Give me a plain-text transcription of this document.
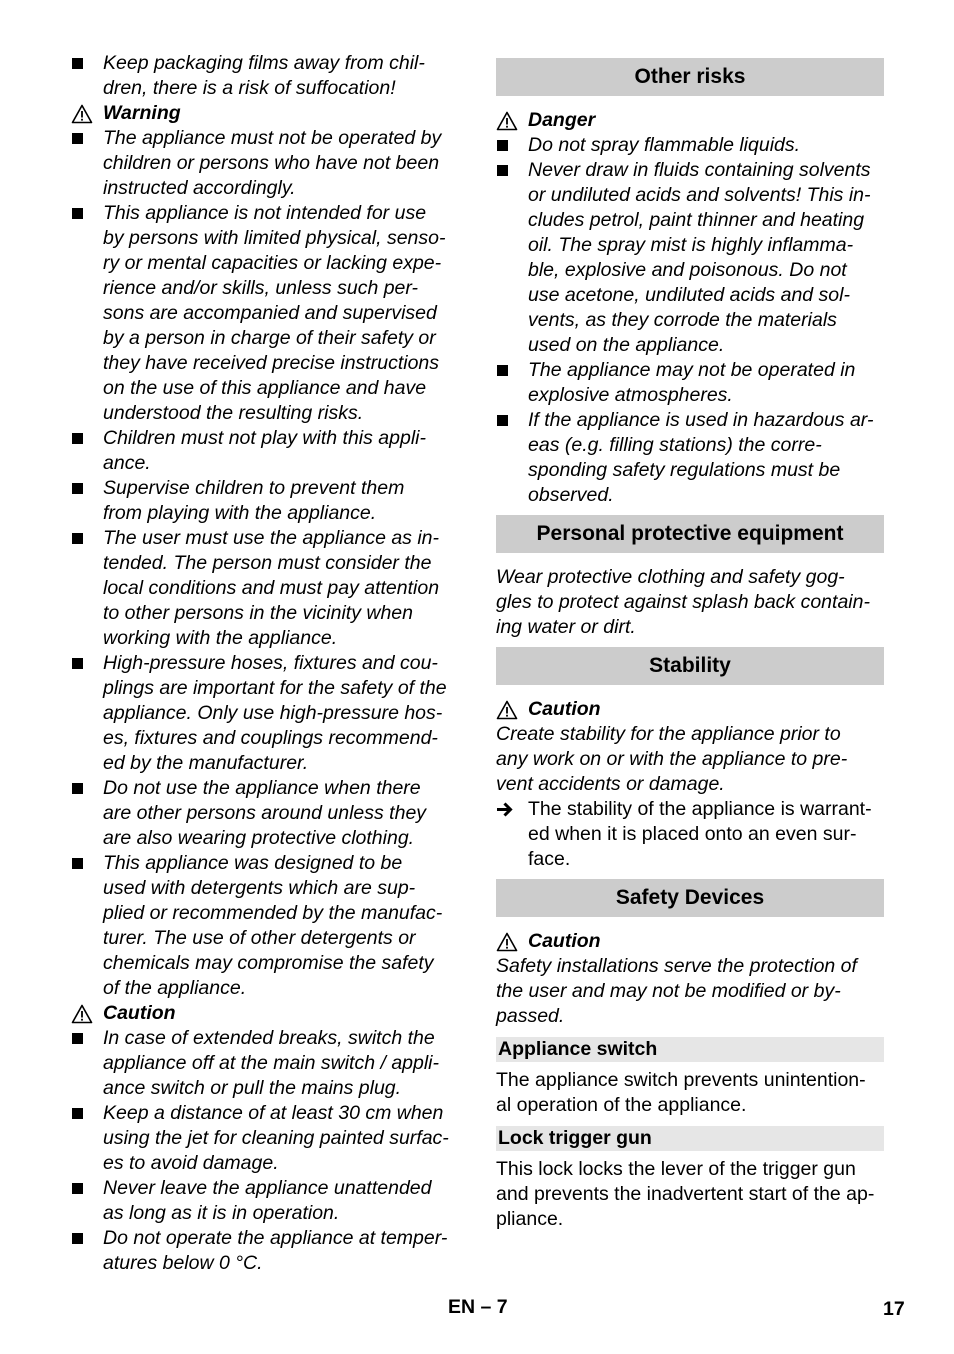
Keep packaging films away from chil-
dren, there is a risk of suffocation!
Warning
The appliance must not be operated by
children or persons who have not been
instructed accordingly.
This appliance is not intended for use
by persons with limited physical, senso-
ry or mental capacities or lacking expe-
rience and/or skills, unless such per-
sons are accompanied and supervised
by a person in charge of their safety or
they have received precise instructions
on the use of this appliance and have
understood the resulting risks.
Children must not play with this appli-
ance.
Supervise children to prevent them
from playing with the appliance.
The user must use the appliance as in-
tended. The person must consider the
local conditions and must pay attention
to other persons in the vicinity when
working with the appliance.
High-pressure hoses, fixtures and cou-
plings are important for the safety of the
appliance. Only use high-pressure hos-
es, fixtures and couplings recommend-
ed by the manufacturer.
Do not use the appliance when there
are other persons around unless they
are also wearing protective clothing.
This appliance was designed to be
used with detergents which are sup-
plied or recommended by the manufac-
turer. The use of other detergents or
chemicals may compromise the safety
of the appliance.
Caution
In case of extended breaks, switch the
appliance off at the main switch / appli-
ance switch or pull the mains plug.
Keep a distance of at least 30 cm when
using the jet for cleaning painted surfac-
es to avoid damage.
Never leave the appliance unattended
as long as it is in operation.
Do not operate the appliance at temper-
atures below 0 °C.
Other risks
Danger
Do not spray flammable liquids.
Never draw in fluids containing solvents
or undiluted acids and solvents! This in-
cludes petrol, paint thinner and heating
oil. The spray mist is highly inflamma-
ble, explosive and poisonous. Do not
use acetone, undiluted acids and sol-
vents, as they corrode the materials
used on the appliance.
The appliance may not be operated in
explosive atmospheres.
If the appliance is used in hazardous ar-
eas (e.g. filling stations) the corre-
sponding safety regulations must be
observed.
Personal protective equipment
Wear protective clothing and safety gog-
gles to protect against splash back contain-
ing water or dirt.
Stability
Caution
Create stability for the appliance prior to
any work on or with the appliance to pre-
vent accidents or damage.
The stability of the appliance is warrant-
ed when it is placed onto an even sur-
face.
Safety Devices
Caution
Safety installations serve the protection of
the user and may not be modified or by-
passed.
Appliance switch
The appliance switch prevents unintention-
al operation of the appliance.
Lock trigger gun
This lock locks the lever of the trigger gun
and prevents the inadvertent start of the ap-
pliance.
EN – 7	17
